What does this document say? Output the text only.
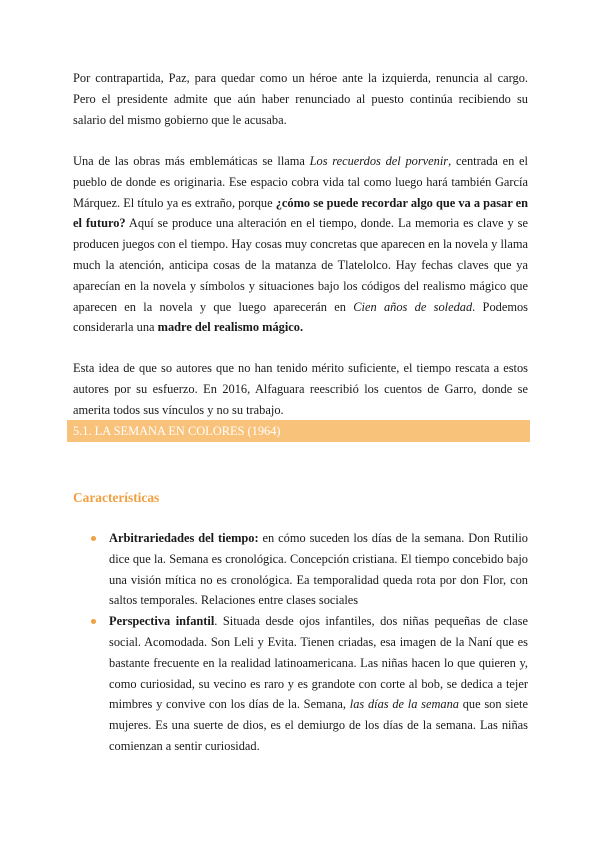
Por contrapartida, Paz, para quedar como un héroe ante la izquierda, renuncia al cargo. Pero el presidente admite que aún haber renunciado al puesto continúa recibiendo su salario del mismo gobierno que le acusaba.

Una de las obras más emblemáticas se llama Los recuerdos del porvenir, centrada en el pueblo de donde es originaria. Ese espacio cobra vida tal como luego hará también García Márquez. El título ya es extraño, porque ¿cómo se puede recordar algo que va a pasar en el futuro? Aquí se produce una alteración en el tiempo, donde. La memoria es clave y se producen juegos con el tiempo. Hay cosas muy concretas que aparecen en la novela y llama much la atención, anticipa cosas de la matanza de Tlatelolco. Hay fechas claves que ya aparecían en la novela y símbolos y situaciones bajo los códigos del realismo mágico que aparecen en la novela y que luego aparecerán en Cien años de soledad. Podemos considerarla una madre del realismo mágico.

Esta idea de que so autores que no han tenido mérito suficiente, el tiempo rescata a estos autores por su esfuerzo. En 2016, Alfaguara reescribió los cuentos de Garro, donde se amerita todos sus vínculos y no su trabajo.

5.1. LA SEMANA EN COLORES (1964)

Características

Arbitrariedades del tiempo: en cómo suceden los días de la semana. Don Rutilio dice que la. Semana es cronológica. Concepción cristiana. El tiempo concebido bajo una visión mítica no es cronológica. Ea temporalidad queda rota por don Flor, con saltos temporales. Relaciones entre clases sociales
Perspectiva infantil. Situada desde ojos infantiles, dos niñas pequeñas de clase social. Acomodada. Son Leli y Evita. Tienen criadas, esa imagen de la Naní que es bastante frecuente en la realidad latinoamericana. Las niñas hacen lo que quieren y, como curiosidad, su vecino es raro y es grandote con corte al bob, se dedica a tejer mimbres y convive con los días de la. Semana, las días de la semana que son siete mujeres. Es una suerte de dios, es el demiurgo de los días de la semana. Las niñas comienzan a sentir curiosidad.
